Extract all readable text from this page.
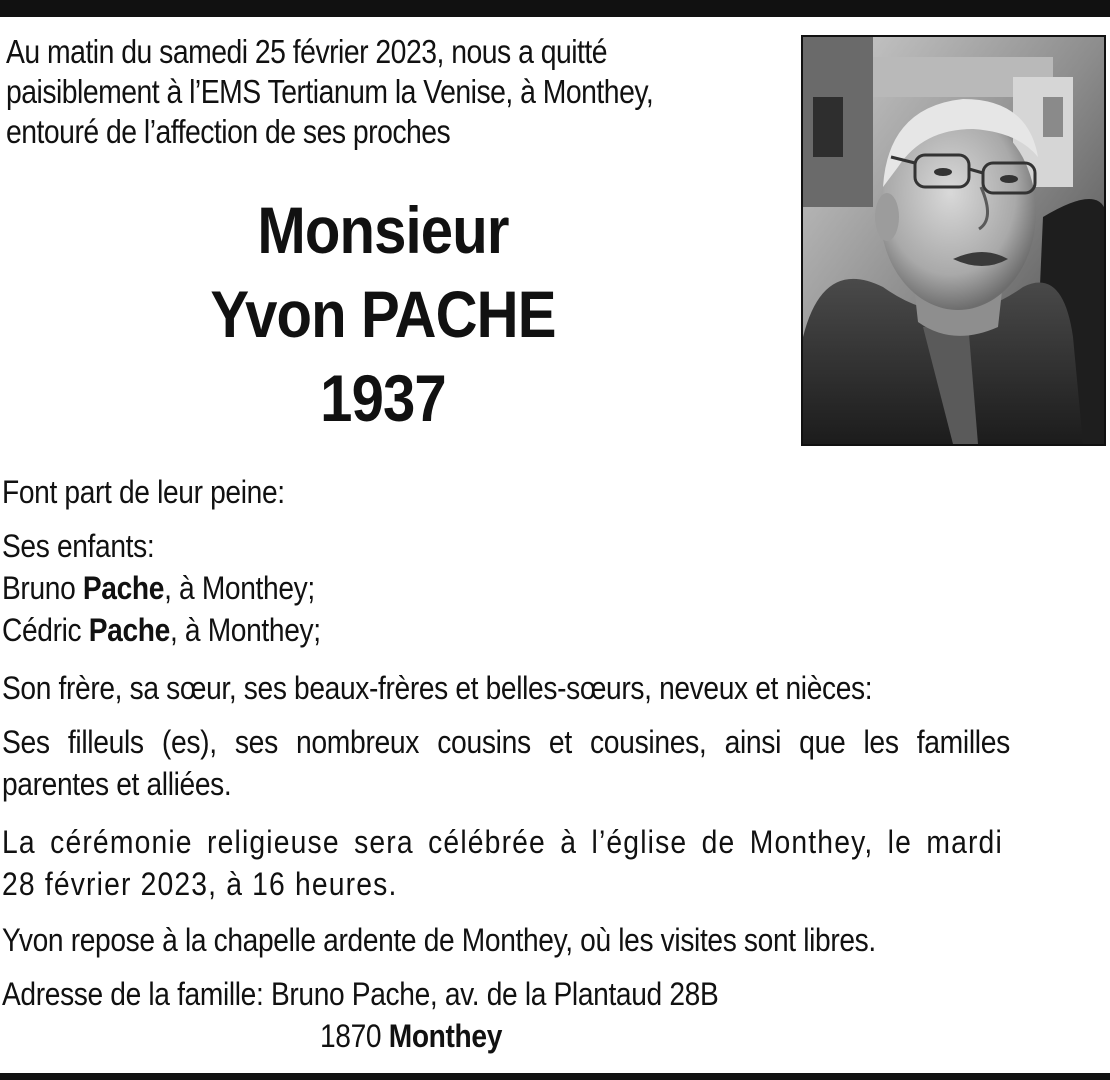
Au matin du samedi 25 février 2023, nous a quitté
paisiblement à l’EMS Tertianum la Venise, à Monthey,
entouré de l’affection de ses proches
Monsieur
Yvon PACHE
1937
Font part de leur peine:
Ses enfants:
Bruno Pache, à Monthey;
Cédric Pache, à Monthey;
Son frère, sa sœur, ses beaux-frères et belles-sœurs, neveux et nièces:
Ses filleuls (es), ses nombreux cousins et cousines, ainsi que les familles
parentes et alliées.
La cérémonie religieuse sera célébrée à l’église de Monthey, le mardi
28 février 2023, à 16 heures.
Yvon repose à la chapelle ardente de Monthey, où les visites sont libres.
Adresse de la famille: Bruno Pache, av. de la Plantaud 28B
1870 Monthey
